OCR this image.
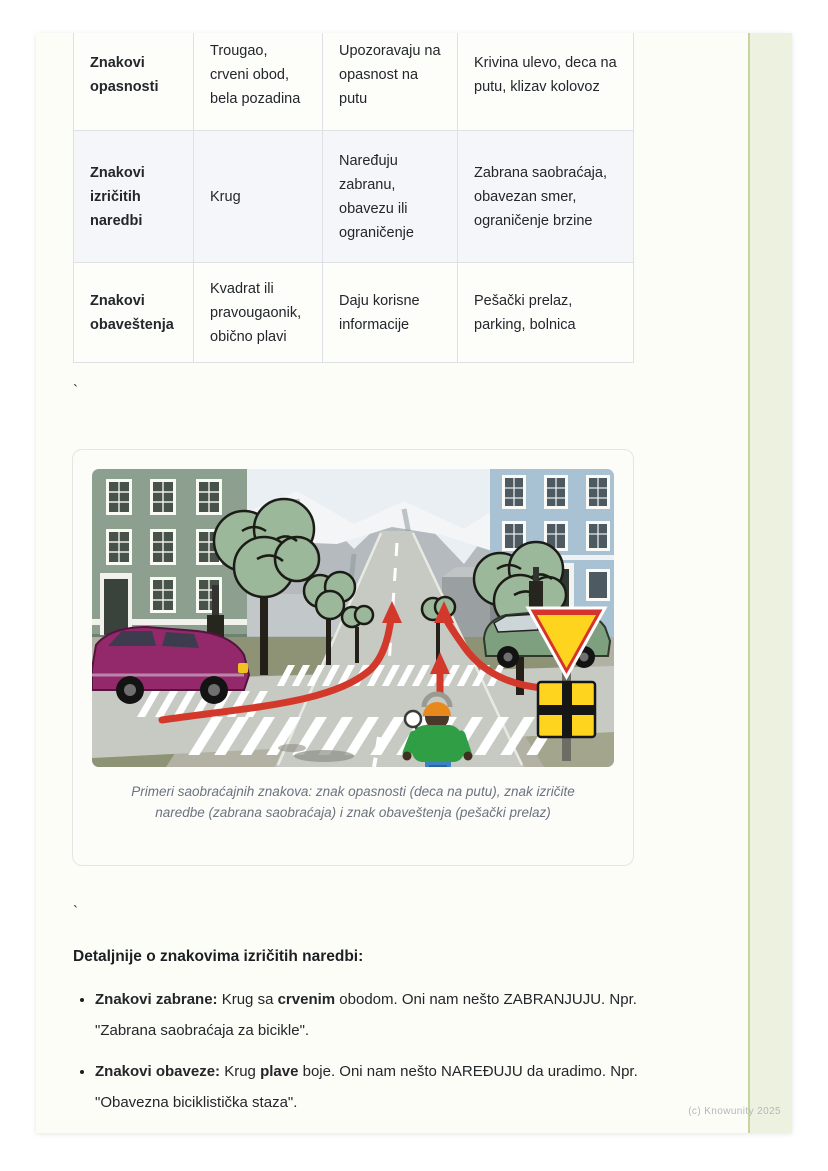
Znakovi opasnosti	Trougao, crveni obod, bela pozadina	Upozoravaju na opasnost na putu	Krivina ulevo, deca na putu, klizav kolovoz
Znakovi izričitih naredbi	Krug	Naređuju zabranu, obavezu ili ograničenje	Zabrana saobraćaja, obavezan smer, ograničenje brzine
Znakovi obaveštenja	Kvadrat ili pravougaonik, obično plavi	Daju korisne informacije	Pešački prelaz, parking, bolnica
`
Primeri saobraćajnih znakova: znak opasnosti (deca na putu), znak izričite naredbe (zabrana saobraćaja) i znak obaveštenja (pešački prelaz)
`
Detaljnije o znakovima izričitih naredbi:
• Znakovi zabrane: Krug sa crvenim obodom. Oni nam nešto ZABRANJUJU. Npr. "Zabrana saobraćaja za bicikle".
• Znakovi obaveze: Krug plave boje. Oni nam nešto NAREĐUJU da uradimo. Npr. "Obavezna biciklistička staza".
(c) Knowunity 2025
